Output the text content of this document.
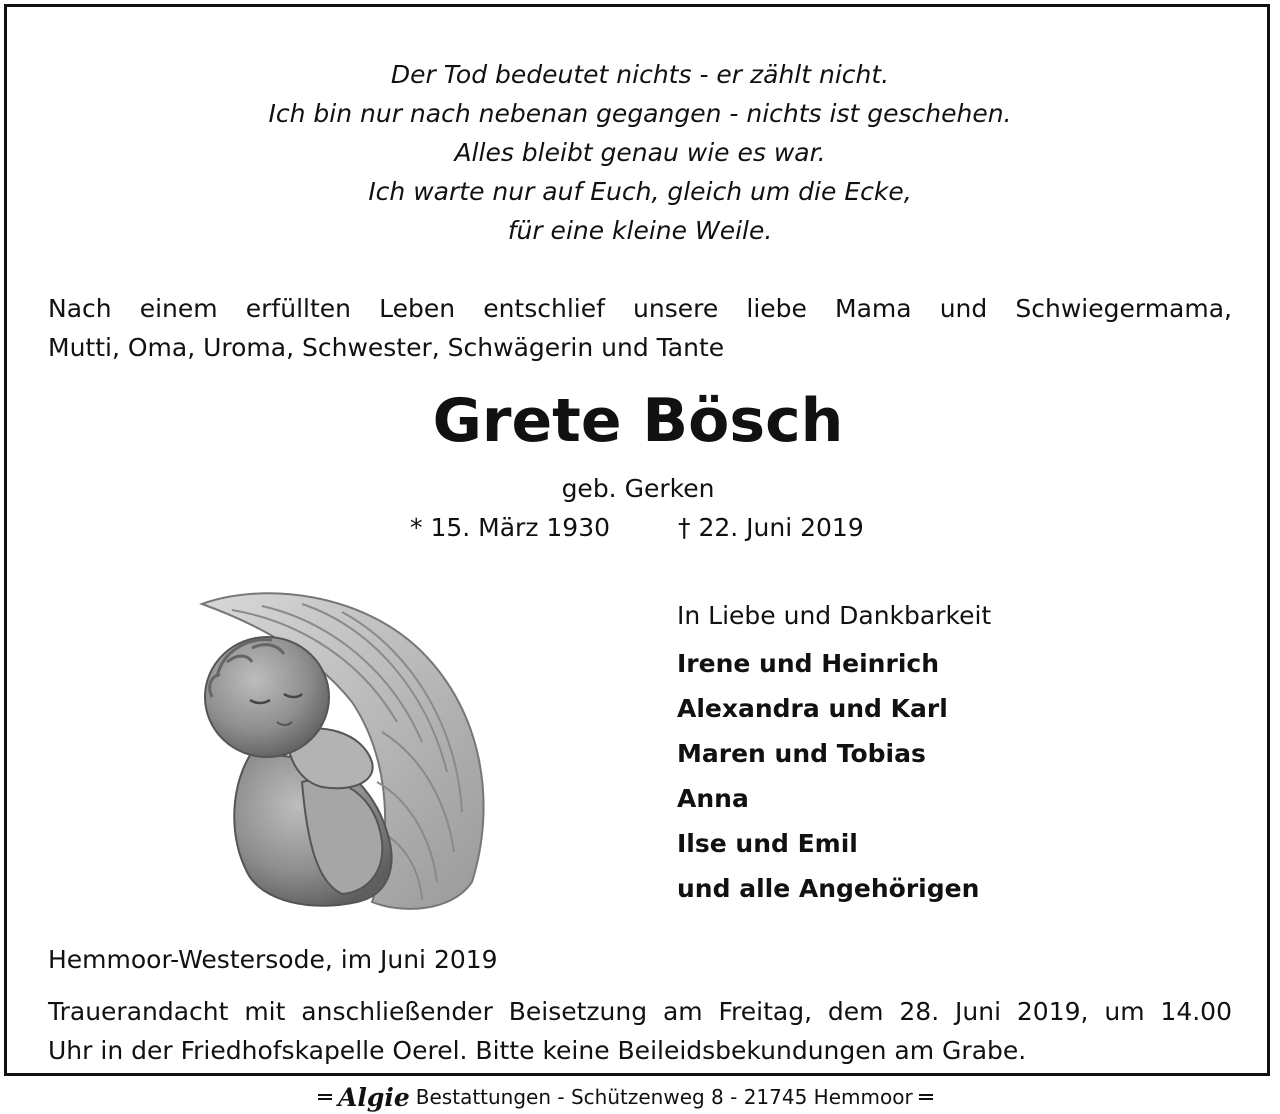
Der Tod bedeutet nichts - er zählt nicht.
Ich bin nur nach nebenan gegangen - nichts ist geschehen.
Alles bleibt genau wie es war.
Ich warte nur auf Euch, gleich um die Ecke,
für eine kleine Weile.
Nach einem erfüllten Leben entschlief unsere liebe Mama und Schwiegermama,
Mutti, Oma, Uroma, Schwester, Schwägerin und Tante
Grete Bösch
geb. Gerken
* 15. März 1930	† 22. Juni 2019
In Liebe und Dankbarkeit
Irene und Heinrich
Alexandra und Karl
Maren und Tobias
Anna
Ilse und Emil
und alle Angehörigen
Hemmoor-Westersode, im Juni 2019
Trauerandacht mit anschließender Beisetzung am Freitag, dem 28. Juni 2019, um 14.00
Uhr in der Friedhofskapelle Oerel. Bitte keine Beileidsbekundungen am Grabe.
Algie Bestattungen - Schützenweg 8 - 21745 Hemmoor
